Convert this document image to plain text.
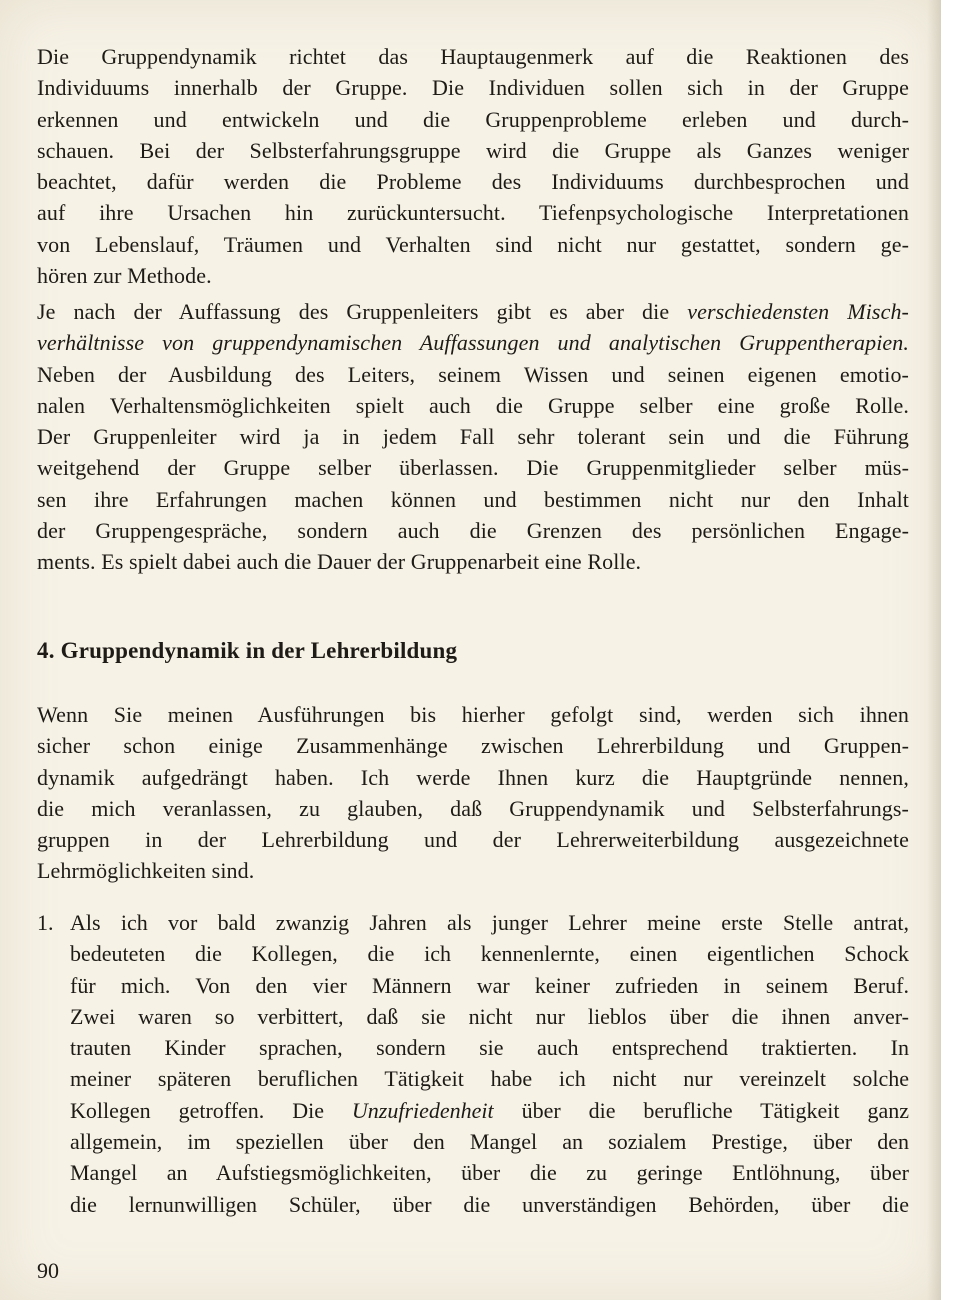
Die Gruppendynamik richtet das Hauptaugenmerk auf die Reaktionen des
Individuums innerhalb der Gruppe. Die Individuen sollen sich in der Gruppe
erkennen und entwickeln und die Gruppenprobleme erleben und durch-
schauen. Bei der Selbsterfahrungsgruppe wird die Gruppe als Ganzes weniger
beachtet, dafür werden die Probleme des Individuums durchbesprochen und
auf ihre Ursachen hin zurückuntersucht. Tiefenpsychologische Interpretationen
von Lebenslauf, Träumen und Verhalten sind nicht nur gestattet, sondern ge-
hören zur Methode.
Je nach der Auffassung des Gruppenleiters gibt es aber die verschiedensten Misch-
verhältnisse von gruppendynamischen Auffassungen und analytischen Gruppentherapien.
Neben der Ausbildung des Leiters, seinem Wissen und seinen eigenen emotio-
nalen Verhaltensmöglichkeiten spielt auch die Gruppe selber eine große Rolle.
Der Gruppenleiter wird ja in jedem Fall sehr tolerant sein und die Führung
weitgehend der Gruppe selber überlassen. Die Gruppenmitglieder selber müs-
sen ihre Erfahrungen machen können und bestimmen nicht nur den Inhalt
der Gruppengespräche, sondern auch die Grenzen des persönlichen Engage-
ments. Es spielt dabei auch die Dauer der Gruppenarbeit eine Rolle.
4. Gruppendynamik in der Lehrerbildung
Wenn Sie meinen Ausführungen bis hierher gefolgt sind, werden sich ihnen
sicher schon einige Zusammenhänge zwischen Lehrerbildung und Gruppen-
dynamik aufgedrängt haben. Ich werde Ihnen kurz die Hauptgründe nennen,
die mich veranlassen, zu glauben, daß Gruppendynamik und Selbsterfahrungs-
gruppen in der Lehrerbildung und der Lehrerweiterbildung ausgezeichnete
Lehrmöglichkeiten sind.
1. Als ich vor bald zwanzig Jahren als junger Lehrer meine erste Stelle antrat,
bedeuteten die Kollegen, die ich kennenlernte, einen eigentlichen Schock
für mich. Von den vier Männern war keiner zufrieden in seinem Beruf.
Zwei waren so verbittert, daß sie nicht nur lieblos über die ihnen anver-
trauten Kinder sprachen, sondern sie auch entsprechend traktierten. In
meiner späteren beruflichen Tätigkeit habe ich nicht nur vereinzelt solche
Kollegen getroffen. Die Unzufriedenheit über die berufliche Tätigkeit ganz
allgemein, im speziellen über den Mangel an sozialem Prestige, über den
Mangel an Aufstiegsmöglichkeiten, über die zu geringe Entlöhnung, über
die lernunwilligen Schüler, über die unverständigen Behörden, über die
90
